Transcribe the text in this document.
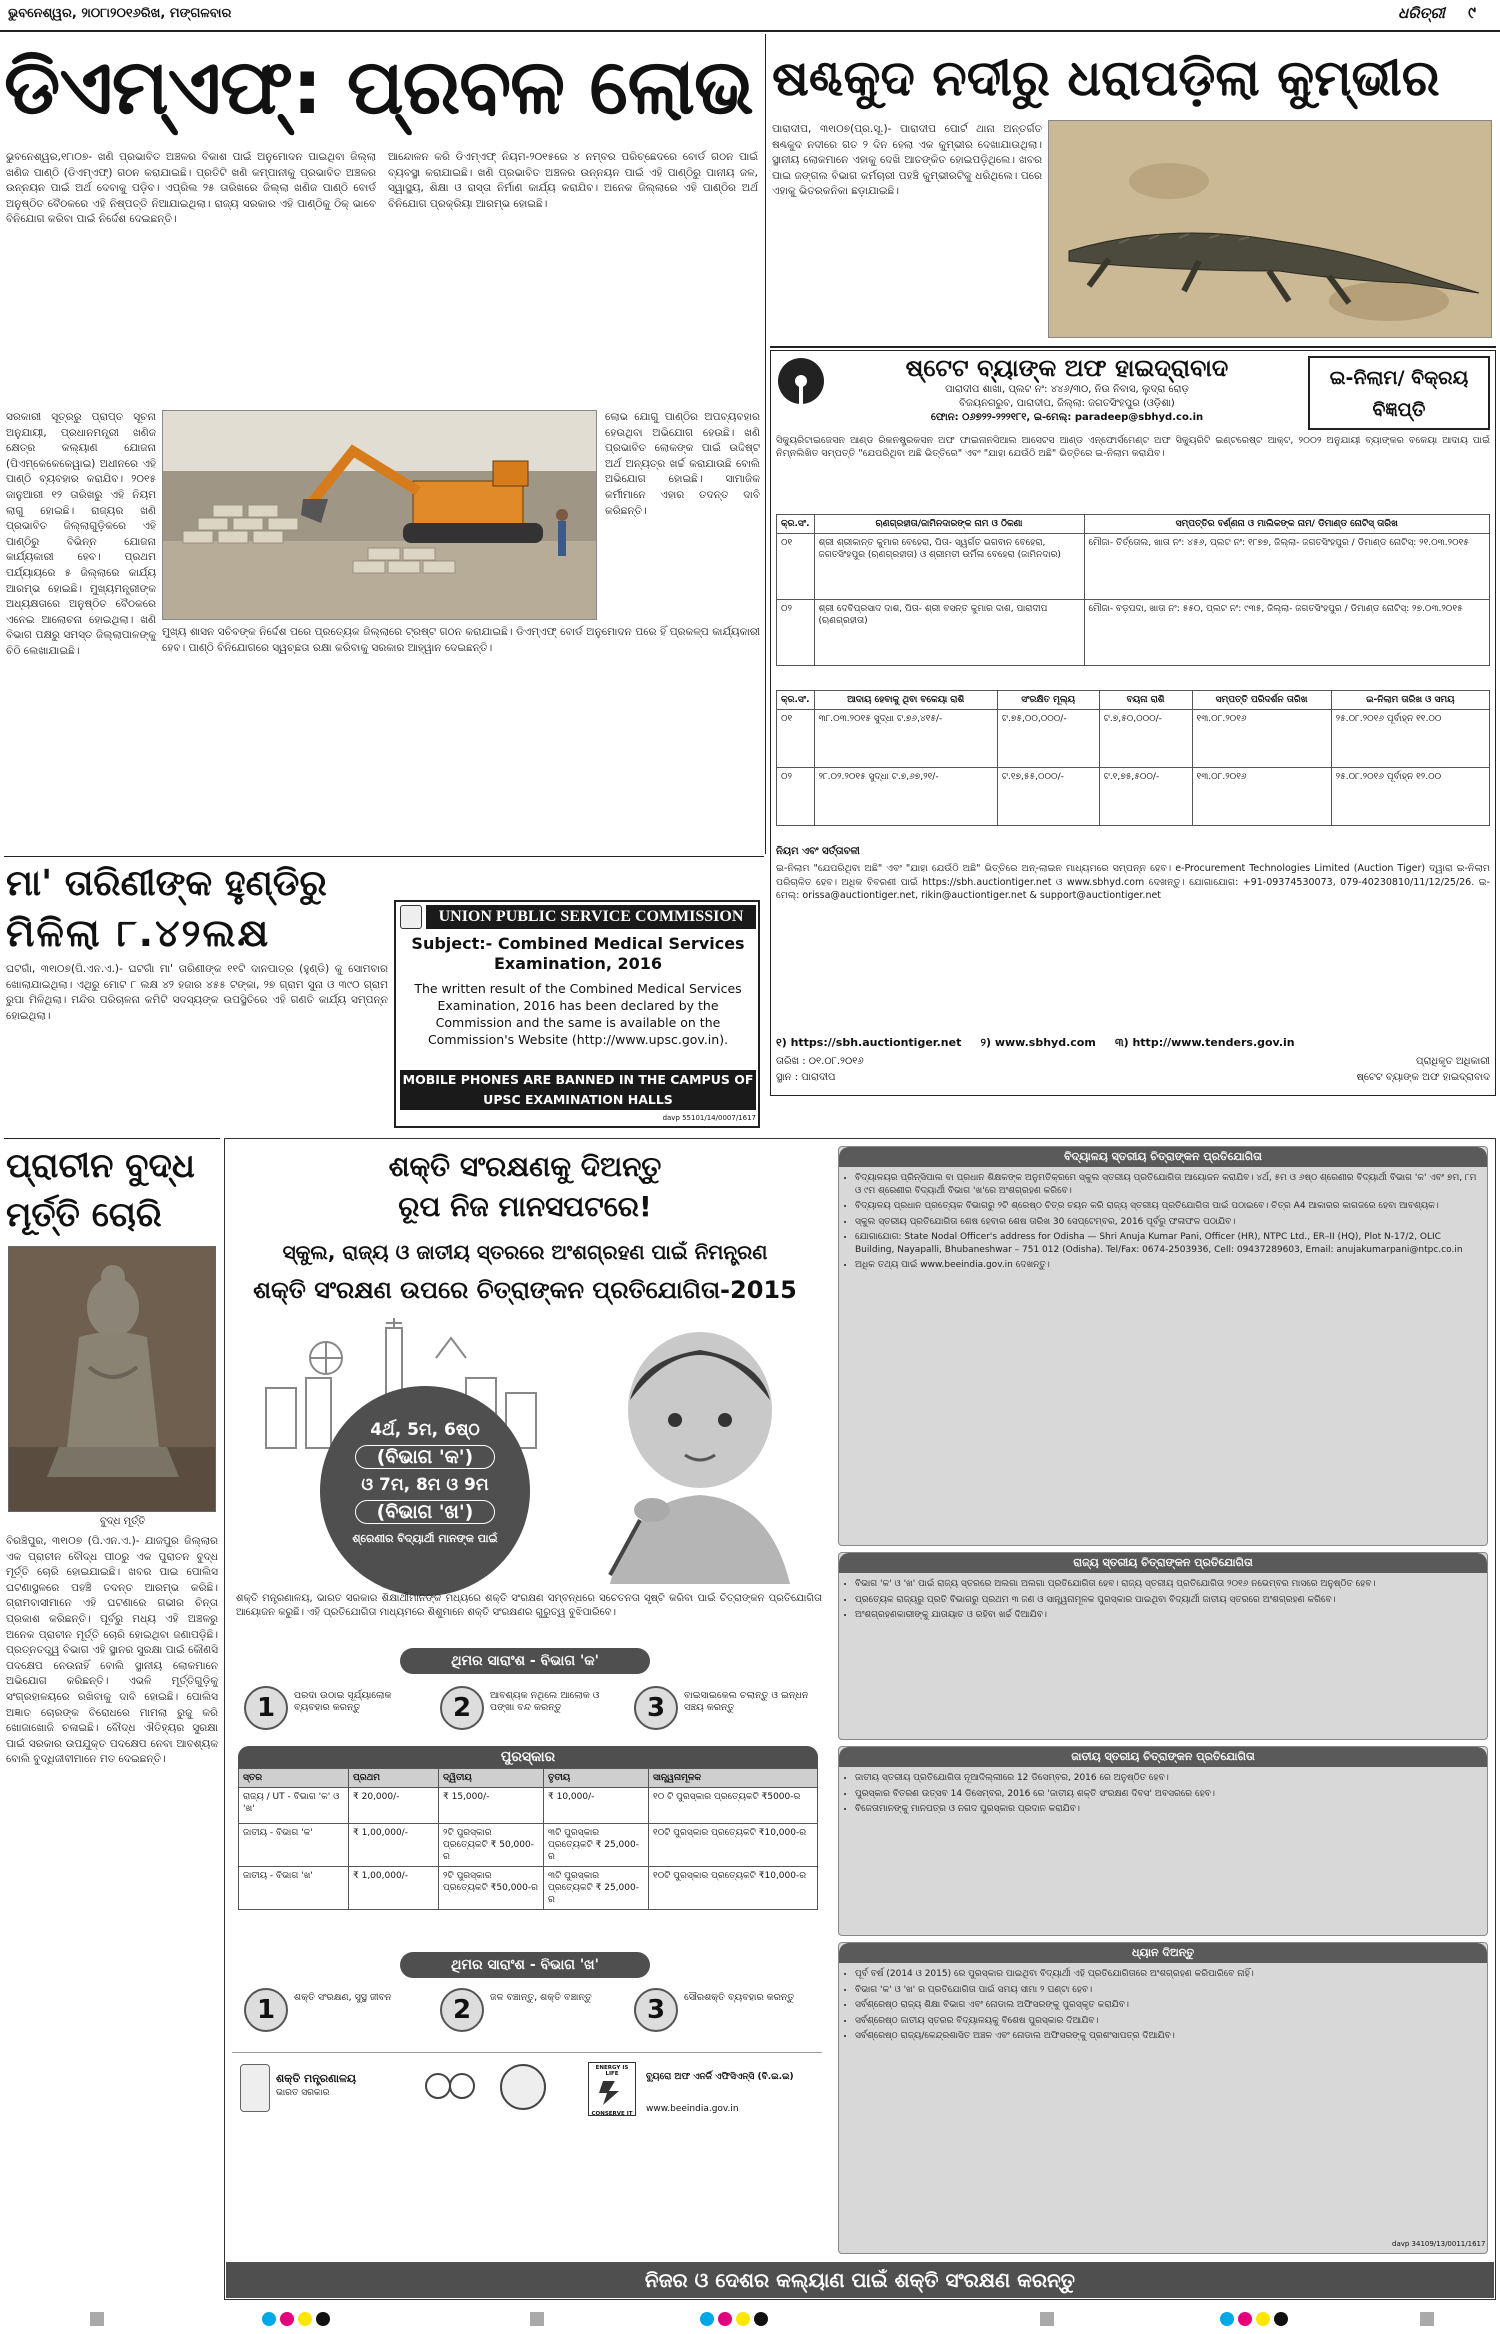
ଭୁବନେଶ୍ୱର, ୨ା୦୮ା୨୦୧୬ରିଖ, ମଙ୍ଗଳବାର	ଧରିତ୍ରୀ ୯
ଡିଏମ୍‌ଏଫ୍‌: ପ୍ରବଳ ଲୋଭ
ଭୁବନେଶ୍ୱର,୧୮ା୦୭- ଖଣି ପ୍ରଭାବିତ ଅଞ୍ଚଳର ବିକାଶ ପାଇଁ ଅନୁମୋଦନ ପାଇଥିବା ଜିଲ୍ଲା ଖଣିଜ ପାଣ୍ଠି (ଡିଏମ୍‌ଏଫ୍‌) ଗଠନ କରାଯାଇଛି। ପ୍ରତିଟି ଖଣି କମ୍ପାନୀକୁ ପ୍ରଭାବିତ ଅଞ୍ଚଳର ଉନ୍ନୟନ ପାଇଁ ଅର୍ଥ ଦେବାକୁ ପଡ଼ିବ। ଏପ୍ରିଲ ୨୫ ତାରିଖରେ ଜିଲ୍ଲା ଖଣିଜ ପାଣ୍ଠି ବୋର୍ଡ ଅନୁଷ୍ଠିତ ବୈଠକରେ ଏହି ନିଷ୍ପତ୍ତି ନିଆଯାଇଥିଲା। ରାଜ୍ୟ ସରକାର ଏହି ପାଣ୍ଠିକୁ ଠିକ୍‌ ଭାବେ ବିନିଯୋଗ କରିବା ପାଇଁ ନିର୍ଦ୍ଦେଶ ଦେଇଛନ୍ତି।
ଆନ୍ଦୋଳନ କରି ଡିଏମ୍‌ଏଫ୍‌ ନିୟମ-୨୦୧୫ରେ ୪ ନମ୍ବର ପରିଚ୍ଛେଦରେ ବୋର୍ଡ ଗଠନ ପାଇଁ ବ୍ୟବସ୍ଥା କରାଯାଇଛି। ଖଣି ପ୍ରଭାବିତ ଅଞ୍ଚଳର ଉନ୍ନୟନ ପାଇଁ ଏହି ପାଣ୍ଠିରୁ ପାନୀୟ ଜଳ, ସ୍ୱାସ୍ଥ୍ୟ, ଶିକ୍ଷା ଓ ରାସ୍ତା ନିର୍ମାଣ କାର୍ଯ୍ୟ କରାଯିବ। ଅନେକ ଜିଲ୍ଲାରେ ଏହି ପାଣ୍ଠିର ଅର୍ଥ ବିନିଯୋଗ ପ୍ରକ୍ରିୟା ଆରମ୍ଭ ହୋଇଛି।
ସରକାରୀ ସୂତ୍ରରୁ ପ୍ରାପ୍ତ ସୂଚନା ଅନୁଯାୟୀ, ପ୍ରଧାନମନ୍ତ୍ରୀ ଖଣିଜ କ୍ଷେତ୍ର କଲ୍ୟାଣ ଯୋଜନା (ପିଏମ୍‌କେକେକେୱାଇ) ଅଧୀନରେ ଏହି ପାଣ୍ଠି ବ୍ୟବହାର କରାଯିବ। ୨୦୧୫ ଜାନୁଆରୀ ୧୨ ତାରିଖରୁ ଏହି ନିୟମ ଲାଗୁ ହୋଇଛି। ରାଜ୍ୟର ଖଣି ପ୍ରଭାବିତ ଜିଲ୍ଲାଗୁଡ଼ିକରେ ଏହି ପାଣ୍ଠିରୁ ବିଭିନ୍ନ ଯୋଜନା କାର୍ଯ୍ୟକାରୀ ହେବ। ପ୍ରଥମ ପର୍ଯ୍ୟାୟରେ ୫ ଜିଲ୍ଲାରେ କାର୍ଯ୍ୟ ଆରମ୍ଭ ହୋଇଛି। ମୁଖ୍ୟମନ୍ତ୍ରୀଙ୍କ ଅଧ୍ୟକ୍ଷତାରେ ଅନୁଷ୍ଠିତ ବୈଠକରେ ଏନେଇ ଆଲୋଚନା ହୋଇଥିଲା। ଖଣି ବିଭାଗ ପକ୍ଷରୁ ସମସ୍ତ ଜିଲ୍ଲାପାଳଙ୍କୁ ଚିଠି ଲେଖାଯାଇଛି।
ଲୋଭ ଯୋଗୁ ପାଣ୍ଠିର ଅପବ୍ୟବହାର ହେଉଥିବା ଅଭିଯୋଗ ହେଉଛି। ଖଣି ପ୍ରଭାବିତ ଲୋକଙ୍କ ପାଇଁ ଉଦ୍ଦିଷ୍ଟ ଅର୍ଥ ଅନ୍ୟତ୍ର ଖର୍ଚ୍ଚ କରାଯାଉଛି ବୋଲି ଅଭିଯୋଗ ହୋଇଛି। ସାମାଜିକ କର୍ମୀମାନେ ଏହାର ତଦନ୍ତ ଦାବି କରିଛନ୍ତି।
ମୁଖ୍ୟ ଶାସନ ସଚିବଙ୍କ ନିର୍ଦ୍ଦେଶ ପରେ ପ୍ରତ୍ୟେକ ଜିଲ୍ଲାରେ ଟ୍ରଷ୍ଟ ଗଠନ କରାଯାଇଛି। ଡିଏମ୍‌ଏଫ୍‌ ବୋର୍ଡ ଅନୁମୋଦନ ପରେ ହିଁ ପ୍ରକଳ୍ପ କାର୍ଯ୍ୟକାରୀ ହେବ। ପାଣ୍ଠି ବିନିଯୋଗରେ ସ୍ୱଚ୍ଛତା ରକ୍ଷା କରିବାକୁ ସରକାର ଆହ୍ୱାନ ଦେଇଛନ୍ତି।
ଷଣ୍ଢକୁଦ ନଦୀରୁ ଧରାପଡ଼ିଲା କୁମ୍ଭୀର
ପାରାଦୀପ, ୩୧ା୦୭(ପ୍ର.ସୂ.)- ପାରାଦୀପ ପୋର୍ଟ ଥାନା ଅନ୍ତର୍ଗତ ଷଣ୍ଢକୁଦ ନଦୀରେ ଗତ ୨ ଦିନ ହେଲା ଏକ କୁମ୍ଭୀର ଦେଖାଯାଉଥିଲା। ସ୍ଥାନୀୟ ଲୋକମାନେ ଏହାକୁ ଦେଖି ଆତଙ୍କିତ ହୋଇପଡ଼ିଥିଲେ। ଖବର ପାଇ ଜଙ୍ଗଲ ବିଭାଗ କର୍ମଚାରୀ ପହଞ୍ଚି କୁମ୍ଭୀରଟିକୁ ଧରିଥିଲେ। ପରେ ଏହାକୁ ଭିତରକନିକା ଛଡ଼ାଯାଇଛି।
ଷ୍ଟେଟ ବ୍ୟାଙ୍କ ଅଫ ହାଇଦ୍ରାବାଦ
ପାରାଦୀପ ଶାଖା, ପ୍ଲଟ ନଂ: ୪୪୬/୩୦, ନିଉ ନିବାସ, ଲୁଦ୍ରା ରୋଡ଼
ବିଜୟନଗରୁବ, ପାରାଦୀପ, ଜିଲ୍ଲା: ଜଗତସିଂହପୁର (ଓଡ଼ିଶା)
ଫୋନ: ୦୬୭୨୨-୨୨୨୧୮୧, ଇ-ମେଲ୍: paradeep@sbhyd.co.in
ଇ-ନିଲାମ/ ବିକ୍ରୟ ବିଜ୍ଞପ୍ତି
ସିକ୍ୟୁରିଟାଇଜେସନ ଆଣ୍ଡ ରିକନଷ୍ଟ୍ରକସନ ଅଫ ଫାଇନାନସିଆଲ ଆସେଟସ ଆଣ୍ଡ ଏନ୍‌ଫୋର୍ସମେଣ୍ଟ ଅଫ ସିକ୍ୟୁରିଟି ଇଣ୍ଟରେଷ୍ଟ ଆକ୍ଟ, ୨୦୦୨ ଅନୁଯାୟୀ ବ୍ୟାଙ୍କର ବକେୟା ଆଦାୟ ପାଇଁ ନିମ୍ନଲିଖିତ ସମ୍ପତ୍ତି "ଯେପରିଥିବା ଅଛି ଭିତ୍ତିରେ" ଏବଂ "ଯାହା ଯେଉଁଠି ଅଛି" ଭିତ୍ତିରେ ଇ-ନିଲାମ କରାଯିବ।
କ୍ର.ସଂ.	ଋଣଗ୍ରହୀତା/ଜାମିନଦାରଙ୍କ ନାମ ଓ ଠିକଣା	ସମ୍ପତ୍ତିର ବର୍ଣ୍ଣନା ଓ ମାଲିକଙ୍କ ନାମ/ ଡିମାଣ୍ଡ ନୋଟିସ୍‌ ତାରିଖ
୦୧	ଶ୍ରୀ ଶ୍ରୀକାନ୍ତ କୁମାର ବେହେରା, ପିତା- ସ୍ୱର୍ଗତ ଭଗବାନ ବେହେରା, ଜଗତସିଂହପୁର (ଋଣଗ୍ରହୀତା) ଓ ଶ୍ରୀମତୀ ଉର୍ମିଳା ବେହେରା (ଜାମିନଦାର)	ମୌଜା- ତିର୍ତ୍ତୋଲ, ଖାତା ନଂ: ୪୫୬, ପ୍ଲଟ ନଂ: ୧୮୭୭, ଜିଲ୍ଲା- ଜଗତସିଂହପୁର / ଡିମାଣ୍ଡ ନୋଟିସ୍‌: ୨୧.୦୩.୨୦୧୫
୦୨	ଶ୍ରୀ ଦେବିପ୍ରସାଦ ଦାଶ, ପିତା- ଶ୍ରୀ ବସନ୍ତ କୁମାର ଦାଶ, ପାରାଦୀପ (ଋଣଗ୍ରହୀତା)	ମୌଜା- ବଡ଼ପଦା, ଖାତା ନଂ: ୫୫୦, ପ୍ଲଟ ନଂ: ୯୩୫, ଜିଲ୍ଲା- ଜଗତସିଂହପୁର / ଡିମାଣ୍ଡ ନୋଟିସ୍‌: ୨୭.୦୩.୨୦୧୫
କ୍ର.ସଂ.	ଆଦାୟ ହେବାକୁ ଥିବା ବକେୟା ରାଶି	ସଂରକ୍ଷିତ ମୂଲ୍ୟ	ବୟନା ରାଶି	ସମ୍ପତ୍ତି ପରିଦର୍ଶନ ତାରିଖ	ଇ-ନିଲାମ ତାରିଖ ଓ ସମୟ
୦୧	୩୮.୦୩.୨୦୧୫ ସୁଦ୍ଧା ଟ.୭୬,୪୧୫/-	ଟ.୭୫,୦୦,୦୦୦/-	ଟ.୭,୫୦,୦୦୦/-	୧୩.୦୮.୨୦୧୬	୨୫.୦୮.୨୦୧୬ ପୂର୍ବାହ୍ନ ୧୧.୦୦
୦୨	୨୮.୦୨.୨୦୧୫ ସୁଦ୍ଧା ଟ.୭,୬୭,୨୧/-	ଟ.୧୭,୫୫,୦୦୦/-	ଟ.୧,୭୫,୫୦୦/-	୧୩.୦୮.୨୦୧୬	୨୫.୦୮.୨୦୧୬ ପୂର୍ବାହ୍ନ ୧୨.୦୦
ନିୟମ ଏବଂ ସର୍ତ୍ତାବଳୀ
ଇ-ନିଲାମ "ଯେପରିଥିବା ଅଛି" ଏବଂ "ଯାହା ଯେଉଁଠି ଅଛି" ଭିତ୍ତିରେ ଅନ୍‌-ଲାଇନ ମାଧ୍ୟମରେ ସମ୍ପନ୍ନ ହେବ। e-Procurement Technologies Limited (Auction Tiger) ଦ୍ୱାରା ଇ-ନିଲାମ ପରିଚାଳିତ ହେବ। ଅଧିକ ବିବରଣୀ ପାଇଁ https://sbh.auctiontiger.net ଓ www.sbhyd.com ଦେଖନ୍ତୁ। ଯୋଗାଯୋଗ: +91-09374530073, 079-40230810/11/12/25/26. ଇ-ମେଲ୍: orissa@auctiontiger.net, rikin@auctiontiger.net & support@auctiontiger.net
୧) https://sbh.auctiontiger.net     ୨) www.sbhyd.com     ୩) http://www.tenders.gov.in
ତାରିଖ : ୦୧.୦୮.୨୦୧୬
ସ୍ଥାନ : ପାରାଦୀପ
ପ୍ରାଧିକୃତ ଅଧିକାରୀ
ଷ୍ଟେଟ ବ୍ୟାଙ୍କ ଅଫ ହାଇଦ୍ରାବାଦ
ମା' ତାରିଣୀଙ୍କ ହୁଣ୍ଡିରୁ
ମିଳିଲା ୮.୪୨ଲକ୍ଷ
ଘଟଗାଁ, ୩୧ା୦୭(ପି.ଏନ.ଏ.)- ଘଟଗାଁ ମା' ତାରିଣୀଙ୍କ ୧୧ଟି ଦାନପାତ୍ର (ହୁଣ୍ଡି) କୁ ସୋମବାର ଖୋଲାଯାଇଥିଲା। ଏଥିରୁ ମୋଟ ୮ ଲକ୍ଷ ୪୨ ହଜାର ୪୫୫ ଟଙ୍କା, ୨୭ ଗ୍ରାମ ସୁନା ଓ ୩୯୦ ଗ୍ରାମ ରୁପା ମିଳିଥିଲା। ମନ୍ଦିର ପରିଚାଳନା କମିଟି ସଦସ୍ୟଙ୍କ ଉପସ୍ଥିତିରେ ଏହି ଗଣତି କାର୍ଯ୍ୟ ସମ୍ପନ୍ନ ହୋଇଥିଲା।
UNION PUBLIC SERVICE COMMISSION
Subject:- Combined Medical Services Examination, 2016
The written result of the Combined Medical Services Examination, 2016 has been declared by the Commission and the same is available on the Commission's Website (http://www.upsc.gov.in).
MOBILE PHONES ARE BANNED IN THE CAMPUS OF UPSC EXAMINATION HALLS
davp 55101/14/0007/1617
ପ୍ରାଚୀନ ବୁଦ୍ଧ
ମୂର୍ତ୍ତି ଚୋରି
ବୁଦ୍ଧ ମୂର୍ତ୍ତି
ବିରଞ୍ଚିପୁର, ୩୧ା୦୭ (ପି.ଏନ.ଏ.)- ଯାଜପୁର ଜିଲ୍ଲାର ଏକ ପ୍ରାଚୀନ ବୌଦ୍ଧ ପୀଠରୁ ଏକ ପୁରାତନ ବୁଦ୍ଧ ମୂର୍ତ୍ତି ଚୋରି ହୋଇଯାଇଛି। ଖବର ପାଇ ପୋଲିସ ଘଟଣାସ୍ଥଳରେ ପହଞ୍ଚି ତଦନ୍ତ ଆରମ୍ଭ କରିଛି। ଗ୍ରାମବାସୀମାନେ ଏହି ଘଟଣାରେ ଗଭୀର ଚିନ୍ତା ପ୍ରକାଶ କରିଛନ୍ତି। ପୂର୍ବରୁ ମଧ୍ୟ ଏହି ଅଞ୍ଚଳରୁ ଅନେକ ପ୍ରାଚୀନ ମୂର୍ତ୍ତି ଚୋରି ହୋଇଥିବା ଜଣାପଡ଼ିଛି। ପ୍ରତ୍ନତତ୍ତ୍ୱ ବିଭାଗ ଏହି ସ୍ଥାନର ସୁରକ୍ଷା ପାଇଁ କୌଣସି ପଦକ୍ଷେପ ନେଉନାହିଁ ବୋଲି ସ୍ଥାନୀୟ ଲୋକମାନେ ଅଭିଯୋଗ କରିଛନ୍ତି। ଏଭଳି ମୂର୍ତ୍ତିଗୁଡ଼ିକୁ ସଂଗ୍ରହାଳୟରେ ରଖିବାକୁ ଦାବି ହୋଇଛି। ପୋଲିସ ଅଜ୍ଞାତ ଚୋରଙ୍କ ବିରୋଧରେ ମାମଲା ରୁଜୁ କରି ଖୋଜାଖୋଜି ଚଳାଇଛି। ବୌଦ୍ଧ ଐତିହ୍ୟର ସୁରକ୍ଷା ପାଇଁ ସରକାର ଉପଯୁକ୍ତ ପଦକ୍ଷେପ ନେବା ଆବଶ୍ୟକ ବୋଲି ବୁଦ୍ଧିଜୀବୀମାନେ ମତ ଦେଇଛନ୍ତି।
ଶକ୍ତି ସଂରକ୍ଷଣକୁ ଦିଅନ୍ତୁ
ରୂପ ନିଜ ମାନସପଟରେ!
ସ୍କୁଲ, ରାଜ୍ୟ ଓ ଜାତୀୟ ସ୍ତରରେ ଅଂଶଗ୍ରହଣ ପାଇଁ ନିମନ୍ତ୍ରଣ
ଶକ୍ତି ସଂରକ୍ଷଣ ଉପରେ ଚିତ୍ରାଙ୍କନ ପ୍ରତିଯୋଗିତା-2015
4ର୍ଥ, 5ମ, 6ଷ୍ଠ
(ବିଭାଗ 'କ')
ଓ 7ମ, 8ମ ଓ 9ମ
(ବିଭାଗ 'ଖ')
ଶ୍ରେଣୀର ବିଦ୍ୟାର୍ଥୀ ମାନଙ୍କ ପାଇଁ
ଶକ୍ତି ମନ୍ତ୍ରଣାଳୟ, ଭାରତ ସରକାର ଶିକ୍ଷାର୍ଥୀମାନଙ୍କ ମଧ୍ୟରେ ଶକ୍ତି ସଂରକ୍ଷଣ ସମ୍ବନ୍ଧରେ ସଚେତନତା ସୃଷ୍ଟି କରିବା ପାଇଁ ଚିତ୍ରାଙ୍କନ ପ୍ରତିଯୋଗିତା ଆୟୋଜନ କରୁଛି। ଏହି ପ୍ରତିଯୋଗିତା ମାଧ୍ୟମରେ ଶିଶୁମାନେ ଶକ୍ତି ସଂରକ୍ଷଣର ଗୁରୁତ୍ୱ ବୁଝିପାରିବେ।
ଥିମର ସାରାଂଶ - ବିଭାଗ 'କ'
1	ପରଦା ଉଠାଇ ସୂର୍ଯ୍ୟାଲୋକ ବ୍ୟବହାର କରନ୍ତୁ	2	ଆବଶ୍ୟକ ନଥିଲେ ଆଲୋକ ଓ ପଙ୍ଖା ବନ୍ଦ କରନ୍ତୁ	3	ବାଇସାଇକେଲ ଚଲାନ୍ତୁ ଓ ଇନ୍ଧନ ସଞ୍ଚୟ କରନ୍ତୁ
ପୁରସ୍କାର
ସ୍ତର	ପ୍ରଥମ	ଦ୍ୱିତୀୟ	ତୃତୀୟ	ସାନ୍ତ୍ୱନାମୂଳକ
ରାଜ୍ୟ / UT - ବିଭାଗ 'କ' ଓ 'ଖ'	₹ 20,000/-	₹ 15,000/-	₹ 10,000/-	୧୦ ଟି ପୁରସ୍କାର ପ୍ରତ୍ୟେକଟି ₹5000-ର
ଜାତୀୟ - ବିଭାଗ 'କ'	₹ 1,00,000/-	୨ଟି ପୁରସ୍କାର ପ୍ରତ୍ୟେକଟି ₹ 50,000-ର	୩ଟି ପୁରସ୍କାର ପ୍ରତ୍ୟେକଟି ₹ 25,000-ର	୧୦ଟି ପୁରସ୍କାର ପ୍ରତ୍ୟେକଟି ₹10,000-ର
ଜାତୀୟ - ବିଭାଗ 'ଖ'	₹ 1,00,000/-	୨ଟି ପୁରସ୍କାର ପ୍ରତ୍ୟେକଟି ₹50,000-ର	୩ଟି ପୁରସ୍କାର ପ୍ରତ୍ୟେକଟି ₹ 25,000-ର	୧୦ଟି ପୁରସ୍କାର ପ୍ରତ୍ୟେକଟି ₹10,000-ର
ଥିମର ସାରାଂଶ - ବିଭାଗ 'ଖ'
1	ଶକ୍ତି ସଂରକ୍ଷଣ, ସୁସ୍ଥ ଜୀବନ	2	ଜଳ ବଞ୍ଚାନ୍ତୁ, ଶକ୍ତି ବଞ୍ଚାନ୍ତୁ	3	ସୌରଶକ୍ତି ବ୍ୟବହାର କରନ୍ତୁ
ଶକ୍ତି ମନ୍ତ୍ରଣାଳୟ
ଭାରତ ସରକାର
ENERGY IS LIFE
CONSERVE IT
ବ୍ୟୁରୋ ଅଫ ଏନର୍ଜି ଏଫିସିଏନ୍ସି (ବି.ଇ.ଇ)
www.beeindia.gov.in
ବିଦ୍ୟାଳୟ ସ୍ତରୀୟ ଚିତ୍ରାଙ୍କନ ପ୍ରତିଯୋଗିତା
• ବିଦ୍ୟାଳୟର ପ୍ରିନ୍ସିପାଲ ବା ପ୍ରଧାନ ଶିକ୍ଷକଙ୍କ ଅନୁମତିକ୍ରମେ ସ୍କୁଲ ସ୍ତରୀୟ ପ୍ରତିଯୋଗିତା ଆୟୋଜନ କରାଯିବ। ୪ର୍ଥ, ୫ମ ଓ ୬ଷ୍ଠ ଶ୍ରେଣୀର ବିଦ୍ୟାର୍ଥୀ ବିଭାଗ 'କ' ଏବଂ ୭ମ, ୮ମ ଓ ୯ମ ଶ୍ରେଣୀର ବିଦ୍ୟାର୍ଥୀ ବିଭାଗ 'ଖ'ରେ ଅଂଶଗ୍ରହଣ କରିବେ।
• ବିଦ୍ୟାଳୟ ପ୍ରଧାନ ପ୍ରତ୍ୟେକ ବିଭାଗରୁ ୨ଟି ଶ୍ରେଷ୍ଠ ଚିତ୍ର ଚୟନ କରି ରାଜ୍ୟ ସ୍ତରୀୟ ପ୍ରତିଯୋଗିତା ପାଇଁ ପଠାଇବେ। ଚିତ୍ର A4 ଆକାରର କାଗଜରେ ହେବା ଆବଶ୍ୟକ।
• ସ୍କୁଲ ସ୍ତରୀୟ ପ୍ରତିଯୋଗିତା ଶେଷ ହେବାର ଶେଷ ତାରିଖ 30 ସେପ୍ଟେମ୍ବର, 2016 ପୂର୍ବରୁ ଫଳାଫଳ ପଠାଯିବ।
• ଯୋଗାଯୋଗ: State Nodal Officer's address for Odisha — Shri Anuja Kumar Pani, Officer (HR), NTPC Ltd., ER–II (HQ), Plot N-17/2, OLIC Building, Nayapalli, Bhubaneshwar – 751 012 (Odisha). Tel/Fax: 0674-2503936, Cell: 09437289603, Email: anujakumarpani@ntpc.co.in
• ଅଧିକ ତଥ୍ୟ ପାଇଁ www.beeindia.gov.in ଦେଖନ୍ତୁ।
ରାଜ୍ୟ ସ୍ତରୀୟ ଚିତ୍ରାଙ୍କନ ପ୍ରତିଯୋଗିତା
• ବିଭାଗ 'କ' ଓ 'ଖ' ପାଇଁ ରାଜ୍ୟ ସ୍ତରରେ ଅଲଗା ଅଲଗା ପ୍ରତିଯୋଗିତା ହେବ। ରାଜ୍ୟ ସ୍ତରୀୟ ପ୍ରତିଯୋଗିତା ୨୦୧୬ ନଭେମ୍ବର ମାସରେ ଅନୁଷ୍ଠିତ ହେବ।
• ପ୍ରତ୍ୟେକ ରାଜ୍ୟରୁ ପ୍ରତି ବିଭାଗରୁ ପ୍ରଥମ ୩ ଜଣ ଓ ସାନ୍ତ୍ୱନାମୂଳକ ପୁରସ୍କାର ପାଇଥିବା ବିଦ୍ୟାର୍ଥୀ ଜାତୀୟ ସ୍ତରରେ ଅଂଶଗ୍ରହଣ କରିବେ।
• ଅଂଶଗ୍ରହଣକାରୀଙ୍କୁ ଯାତାୟାତ ଓ ରହିବା ଖର୍ଚ୍ଚ ଦିଆଯିବ।
ଜାତୀୟ ସ୍ତରୀୟ ଚିତ୍ରାଙ୍କନ ପ୍ରତିଯୋଗିତା
• ଜାତୀୟ ସ୍ତରୀୟ ପ୍ରତିଯୋଗିତା ନୂଆଦିଲ୍ଲୀରେ 12 ଡିସେମ୍ବର, 2016 ରେ ଅନୁଷ୍ଠିତ ହେବ।
• ପୁରସ୍କାର ବିତରଣ ଉତ୍ସବ 14 ଡିସେମ୍ବର, 2016 ରେ 'ଜାତୀୟ ଶକ୍ତି ସଂରକ୍ଷଣ ଦିବସ' ଅବସରରେ ହେବ।
• ବିଜେତାମାନଙ୍କୁ ମାନପତ୍ର ଓ ନଗଦ ପୁରସ୍କାର ପ୍ରଦାନ କରାଯିବ।
ଧ୍ୟାନ ଦିଅନ୍ତୁ
• ପୂର୍ବ ବର୍ଷ (2014 ଓ 2015) ରେ ପୁରସ୍କାର ପାଇଥିବା ବିଦ୍ୟାର୍ଥୀ ଏହି ପ୍ରତିଯୋଗିତାରେ ଅଂଶଗ୍ରହଣ କରିପାରିବେ ନାହିଁ।
• ବିଭାଗ 'କ' ଓ 'ଖ' ର ପ୍ରତିଯୋଗିତା ପାଇଁ ସମୟ ସୀମା ୨ ଘଣ୍ଟା ହେବ।
• ସର୍ବଶ୍ରେଷ୍ଠ ରାଜ୍ୟ ଶିକ୍ଷା ବିଭାଗ ଏବଂ ନୋଡାଲ ଅଫିସରଙ୍କୁ ପୁରସ୍କୃତ କରାଯିବ।
• ସର୍ବଶ୍ରେଷ୍ଠ ଜାତୀୟ ସ୍ତରର ବିଦ୍ୟାଳୟକୁ ବିଶେଷ ପୁରସ୍କାର ଦିଆଯିବ।
• ସର୍ବଶ୍ରେଷ୍ଠ ରାଜ୍ୟ/କେନ୍ଦ୍ରଶାସିତ ଅଞ୍ଚଳ ଏବଂ ନୋଡାଲ ଅଫିସରଙ୍କୁ ପ୍ରଶଂସାପତ୍ର ଦିଆଯିବ।
davp 34109/13/0011/1617
ନିଜର ଓ ଦେଶର କଲ୍ୟାଣ ପାଇଁ ଶକ୍ତି ସଂରକ୍ଷଣ କରନ୍ତୁ
